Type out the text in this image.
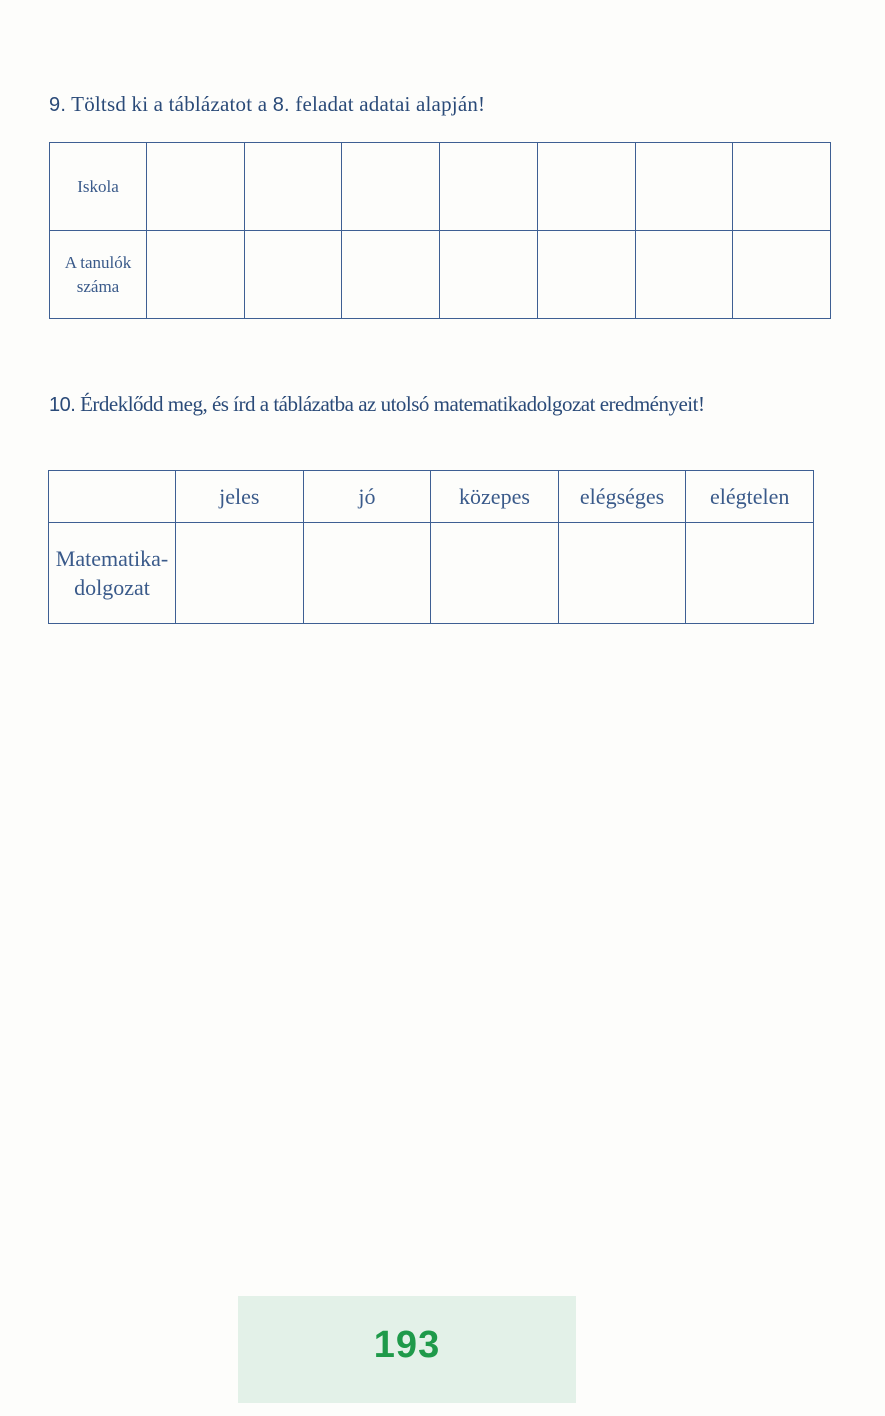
9. Töltsd ki a táblázatot a 8. feladat adatai alapján!
Iskola							
A tanulók száma							
10. Érdeklődd meg, és írd a táblázatba az utolsó matematikadolgozat eredményeit!
	jeles	jó	közepes	elégséges	elégtelen
Matematika-dolgozat					
193
